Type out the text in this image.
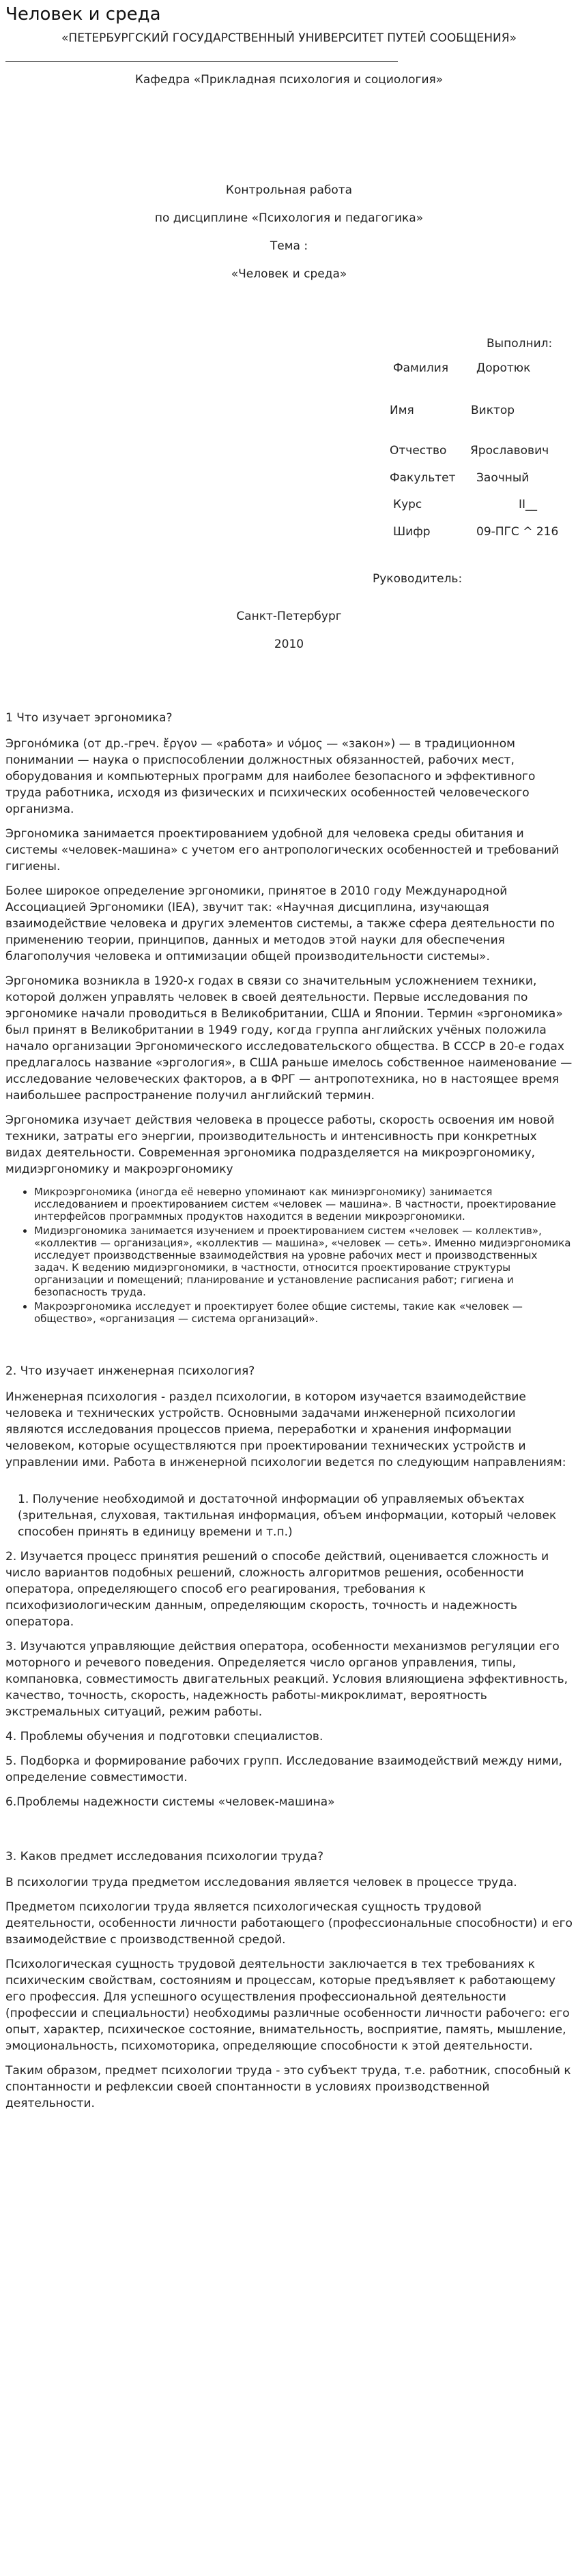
Человек и среда

«ПЕТЕРБУРГСКИЙ ГОСУДАРСТВЕННЫЙ УНИВЕРСИТЕТ ПУТЕЙ СООБЩЕНИЯ»

Кафедра «Прикладная психология и социология»

Контрольная работа

по дисциплине «Психология и педагогика»

Тема :

«Человек и среда»

Выполнил:
Фамилия Доротюк
Имя	Виктор
Отчество Ярославович
Факультет Заочный
Курс	II__
Шифр	09-ПГС ^ 216
Руководитель:

Санкт-Петербург

2010

1 Что изучает эргономика?

Эргоно́мика (от др.-греч. ἔργον — «работа» и νόμος — «закон») — в традиционном понимании — наука о приспособлении должностных обязанностей, рабочих мест, оборудования и компьютерных программ для наиболее безопасного и эффективного труда работника, исходя из физических и психических особенностей человеческого организма.

Эргономика занимается проектированием удобной для человека среды обитания и системы «человек-машина» с учетом его антропологических особенностей и требований гигиены.

Более широкое определение эргономики, принятое в 2010 году Международной Ассоциацией Эргономики (IEA), звучит так: «Научная дисциплина, изучающая взаимодействие человека и других элементов системы, а также сфера деятельности по применению теории, принципов, данных и методов этой науки для обеспечения благополучия человека и оптимизации общей производительности системы».

Эргономика возникла в 1920-х годах в связи со значительным усложнением техники, которой должен управлять человек в своей деятельности. Первые исследования по эргономике начали проводиться в Великобритании, США и Японии. Термин «эргономика» был принят в Великобритании в 1949 году, когда группа английских учёных положила начало организации Эргономического исследовательского общества. В СССР в 20-е годах предлагалось название «эргология», в США раньше имелось собственное наименование — исследование человеческих факторов, а в ФРГ — антропотехника, но в настоящее время наибольшее распространение получил английский термин.

Эргономика изучает действия человека в процессе работы, скорость освоения им новой техники, затраты его энергии, производительность и интенсивность при конкретных видах деятельности. Современная эргономика подразделяется на микроэргономику, мидиэргономику и макроэргономику

• Микроэргономика (иногда её неверно упоминают как миниэргономику) занимается исследованием и проектированием систем «человек — машина». В частности, проектирование интерфейсов программных продуктов находится в ведении микроэргономики.
• Мидиэргономика занимается изучением и проектированием систем «человек — коллектив», «коллектив — организация», «коллектив — машина», «человек — сеть». Именно мидиэргономика исследует производственные взаимодействия на уровне рабочих мест и производственных задач. К ведению мидиэргономики, в частности, относится проектирование структуры организации и помещений; планирование и установление расписания работ; гигиена и безопасность труда.
• Макроэргономика исследует и проектирует более общие системы, такие как «человек — общество», «организация — система организаций».
2. Что изучает инженерная психология?

Инженерная психология - раздел психологии, в котором изучается взаимодействие человека и технических устройств. Основными задачами инженерной психологии являются исследования процессов приема, переработки и хранения информации человеком, которые осуществляются при проектировании технических устройств и управлении ими. Работа в инженерной психологии ведется по следующим направлениям:

1. Получение необходимой и достаточной информации об управляемых объектах (зрительная, слуховая, тактильная информация, объем информации, который человек способен принять в единицу времени и т.п.)

2. Изучается процесс принятия решений о способе действий, оценивается сложность и число вариантов подобных решений, сложность алгоритмов решения, особенности оператора, определяющего способ его реагирования, требования к психофизиологическим данным, определяющим скорость, точность и надежность оператора.

3. Изучаются управляющие действия оператора, особенности механизмов регуляции его моторного и речевого поведения. Определяется число органов управления, типы, компановка, совместимость двигательных реакций. Условия влияющиена эффективность, качество, точность, скорость, надежность работы-микроклимат, вероятность экстремальных ситуаций, режим работы.

4. Проблемы обучения и подготовки специалистов.

5. Подборка и формирование рабочих групп. Исследование взаимодействий между ними, определение совместимости.

6.Проблемы надежности системы «человек-машина»

3. Каков предмет исследования психологии труда?

В психологии труда предметом исследования является человек в процессе труда.

Предметом психологии труда является психологическая сущность трудовой деятельности, особенности личности работающего (профессиональные способности) и его взаимодействие с производственной средой.

Психологическая сущность трудовой деятельности заключается в тех требованиях к психическим свойствам, состояниям и процессам, которые предъявляет к работающему его профессия. Для успешного осуществления профессиональной деятельности (профессии и специальности) необходимы различные особенности личности рабочего: его опыт, характер, психическое состояние, внимательность, восприятие, память, мышление, эмоциональность, психомоторика, определяющие способности к этой деятельности.

Таким образом, предмет психологии труда - это субъект труда, т.е. работник, способный к спонтанности и рефлексии своей спонтанности в условиях производственной деятельности.
